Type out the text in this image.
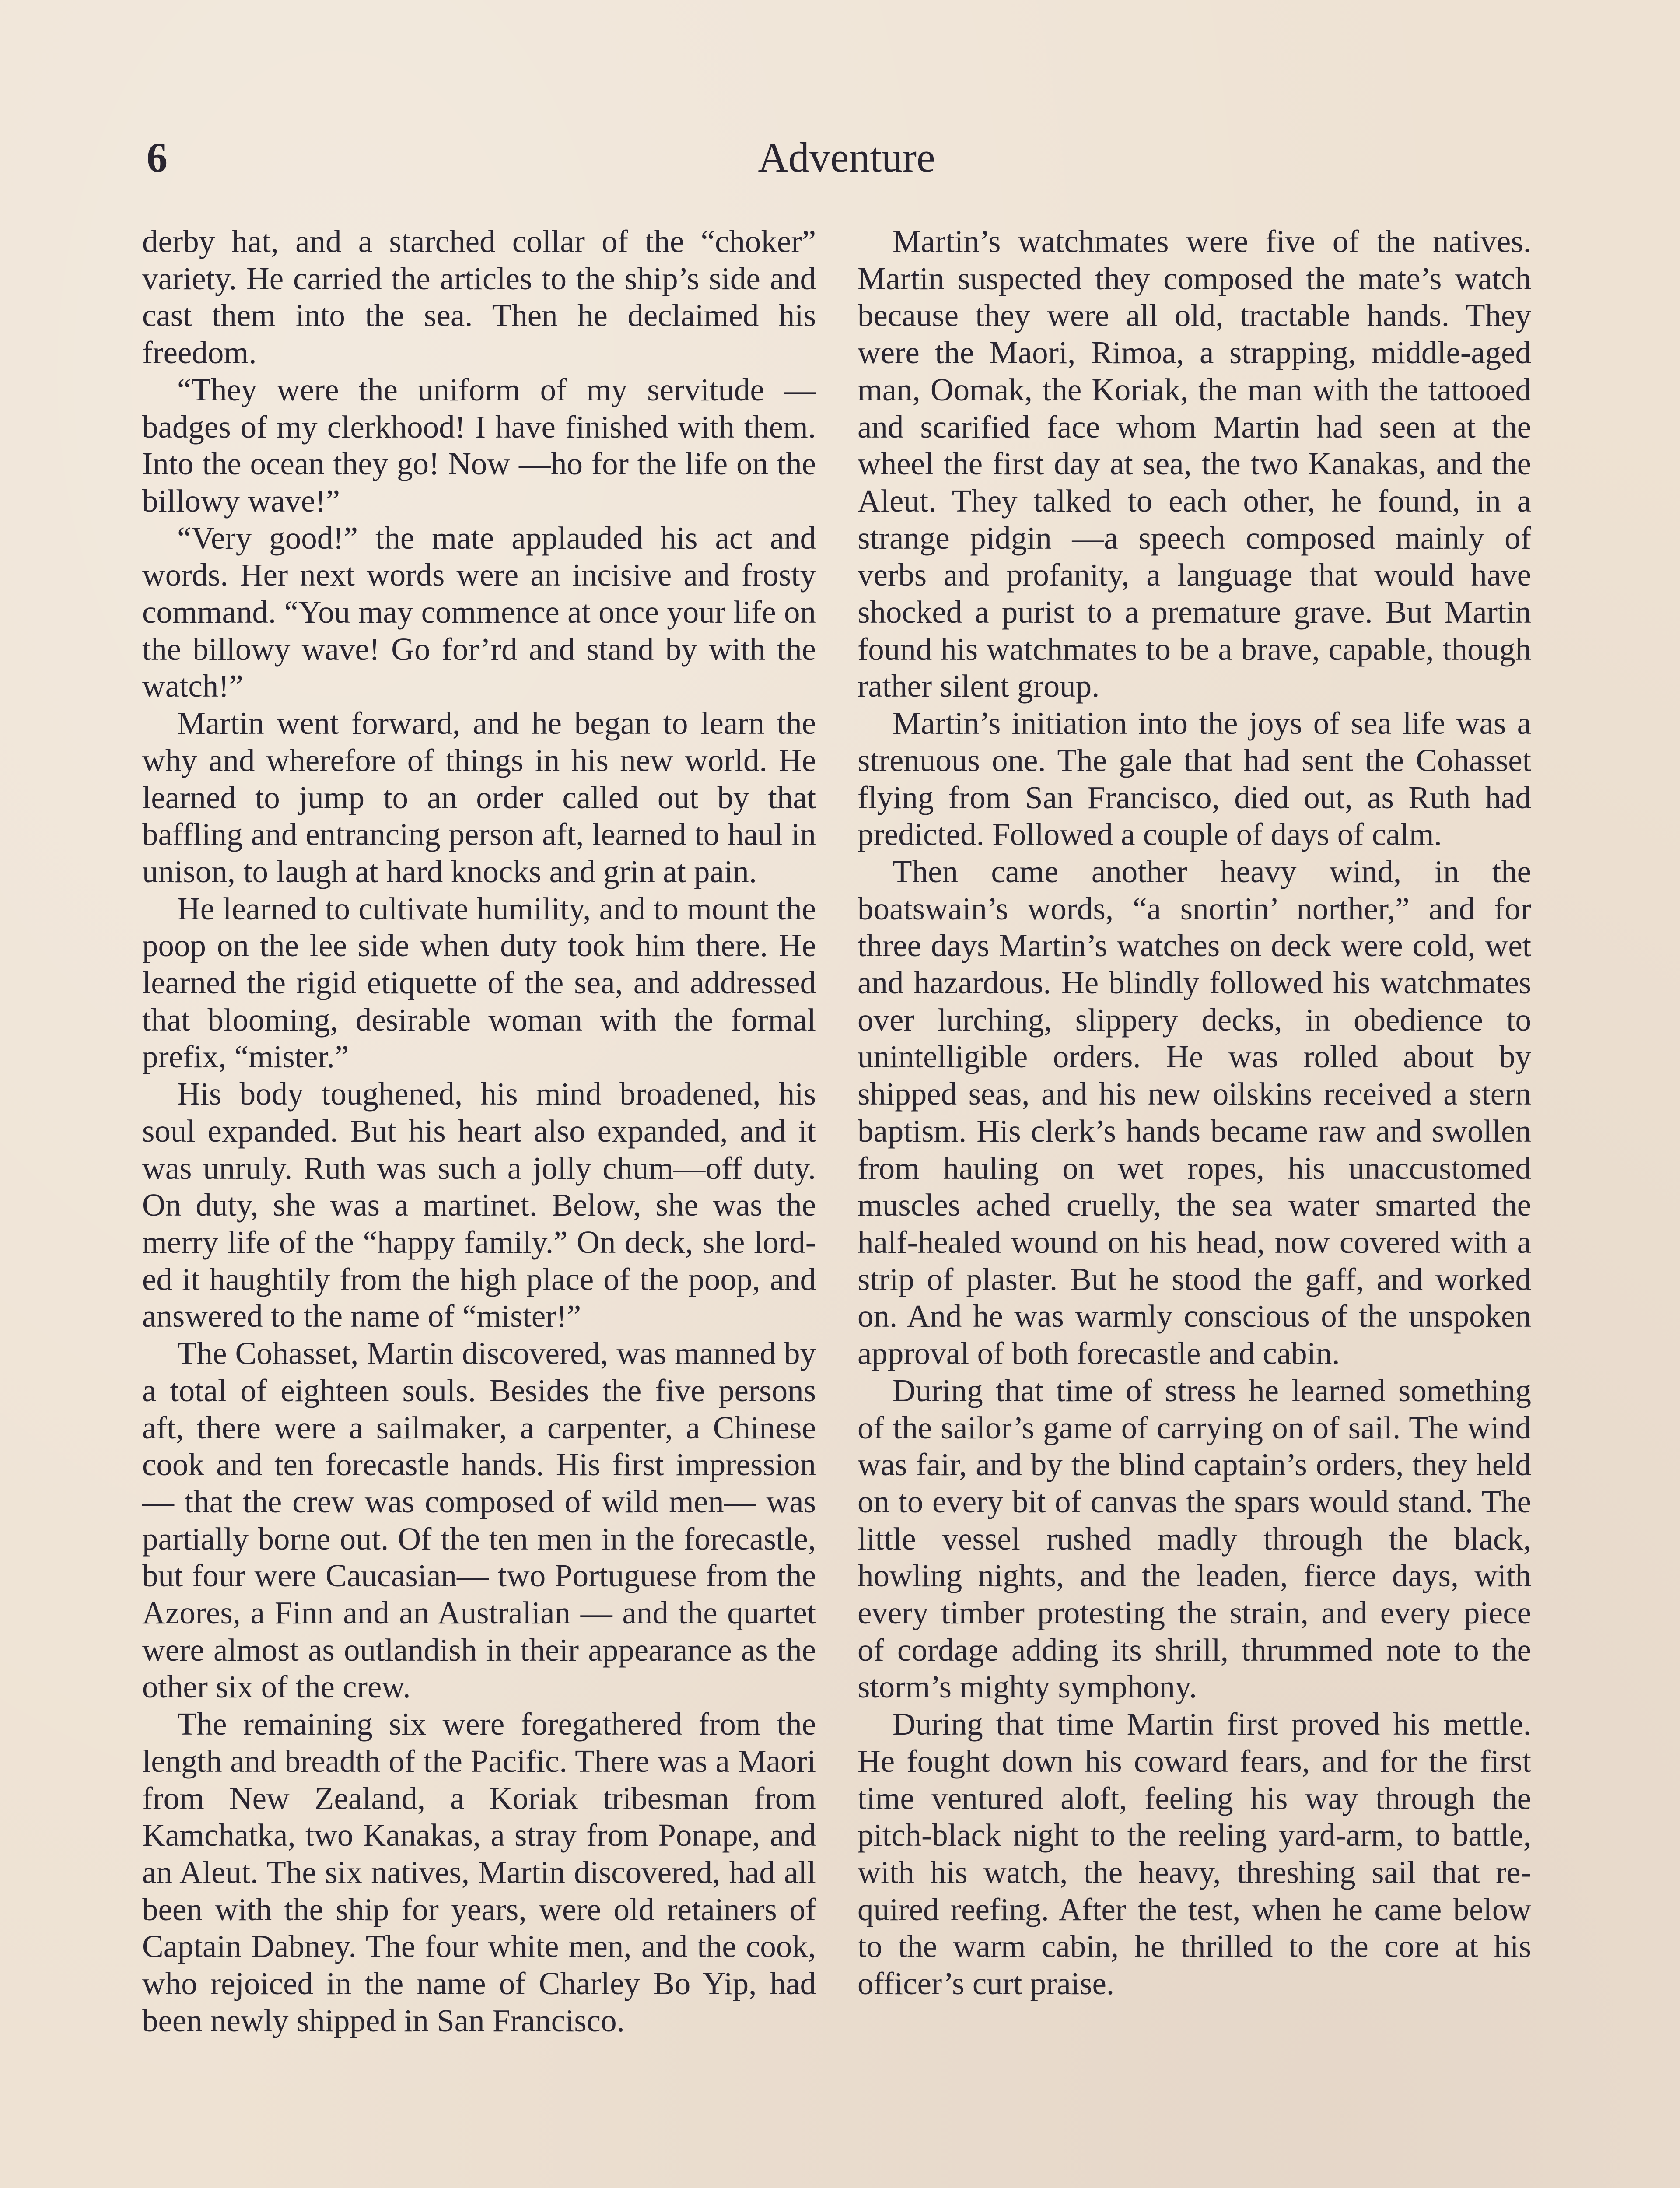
6	Adventure

derby hat, and a starched collar of the “choker” variety. He carried the articles to the ship’s side and cast them into the sea. Then he declaimed his freedom.

“They were the uniform of my servitude —badges of my clerkhood! I have finished with them. Into the ocean they go! Now —ho for the life on the billowy wave!”

“Very good!” the mate applauded his act and words. Her next words were an incisive and frosty command. “You may commence at once your life on the billowy wave! Go for’rd and stand by with the watch!”

Martin went forward, and he began to learn the why and wherefore of things in his new world. He learned to jump to an order called out by that baffling and entrancing person aft, learned to haul in unison, to laugh at hard knocks and grin at pain.

He learned to cultivate humility, and to mount the poop on the lee side when duty took him there. He learned the rigid etiquette of the sea, and addressed that blooming, desirable woman with the formal prefix, “mister.”

His body toughened, his mind broadened, his soul expanded. But his heart also expanded, and it was unruly. Ruth was such a jolly chum—off duty. On duty, she was a martinet. Below, she was the merry life of the “happy family.” On deck, she lorded it haughtily from the high place of the poop, and answered to the name of “mister!”

The Cohasset, Martin discovered, was manned by a total of eighteen souls. Besides the five persons aft, there were a sailmaker, a carpenter, a Chinese cook and ten forecastle hands. His first impression— that the crew was composed of wild men— was partially borne out. Of the ten men in the forecastle, but four were Caucasian— two Portuguese from the Azores, a Finn and an Australian — and the quartet were almost as outlandish in their appearance as the other six of the crew.

The remaining six were foregathered from the length and breadth of the Pacific. There was a Maori from New Zealand, a Koriak tribesman from Kamchatka, two Kanakas, a stray from Ponape, and an Aleut. The six natives, Martin discovered, had all been with the ship for years, were old retainers of Captain Dabney. The four white men, and the cook, who rejoiced in the name of Charley Bo Yip, had been newly shipped in San Francisco.

Martin’s watchmates were five of the natives. Martin suspected they composed the mate’s watch because they were all old, tractable hands. They were the Maori, Rimoa, a strapping, middle-aged man, Oomak, the Koriak, the man with the tattooed and scarified face whom Martin had seen at the wheel the first day at sea, the two Kanakas, and the Aleut. They talked to each other, he found, in a strange pidgin —a speech composed mainly of verbs and profanity, a language that would have shocked a purist to a premature grave. But Martin found his watchmates to be a brave, capable, though rather silent group.

Martin’s initiation into the joys of sea life was a strenuous one. The gale that had sent the Cohasset flying from San Francisco, died out, as Ruth had predicted. Followed a couple of days of calm.

Then came another heavy wind, in the boatswain’s words, “a snortin’ norther,” and for three days Martin’s watches on deck were cold, wet and hazardous. He blindly followed his watchmates over lurching, slippery decks, in obedience to unintelligible orders. He was rolled about by shipped seas, and his new oilskins received a stern baptism. His clerk’s hands became raw and swollen from hauling on wet ropes, his unaccustomed muscles ached cruelly, the sea water smarted the half-healed wound on his head, now covered with a strip of plaster. But he stood the gaff, and worked on. And he was warmly conscious of the unspoken approval of both forecastle and cabin.

During that time of stress he learned something of the sailor’s game of carrying on of sail. The wind was fair, and by the blind captain’s orders, they held on to every bit of canvas the spars would stand. The little vessel rushed madly through the black, howling nights, and the leaden, fierce days, with every timber protesting the strain, and every piece of cordage adding its shrill, thrummed note to the storm’s mighty symphony.

During that time Martin first proved his mettle. He fought down his coward fears, and for the first time ventured aloft, feeling his way through the pitch-black night to the reeling yard-arm, to battle, with his watch, the heavy, threshing sail that required reefing. After the test, when he came below to the warm cabin, he thrilled to the core at his officer’s curt praise.
